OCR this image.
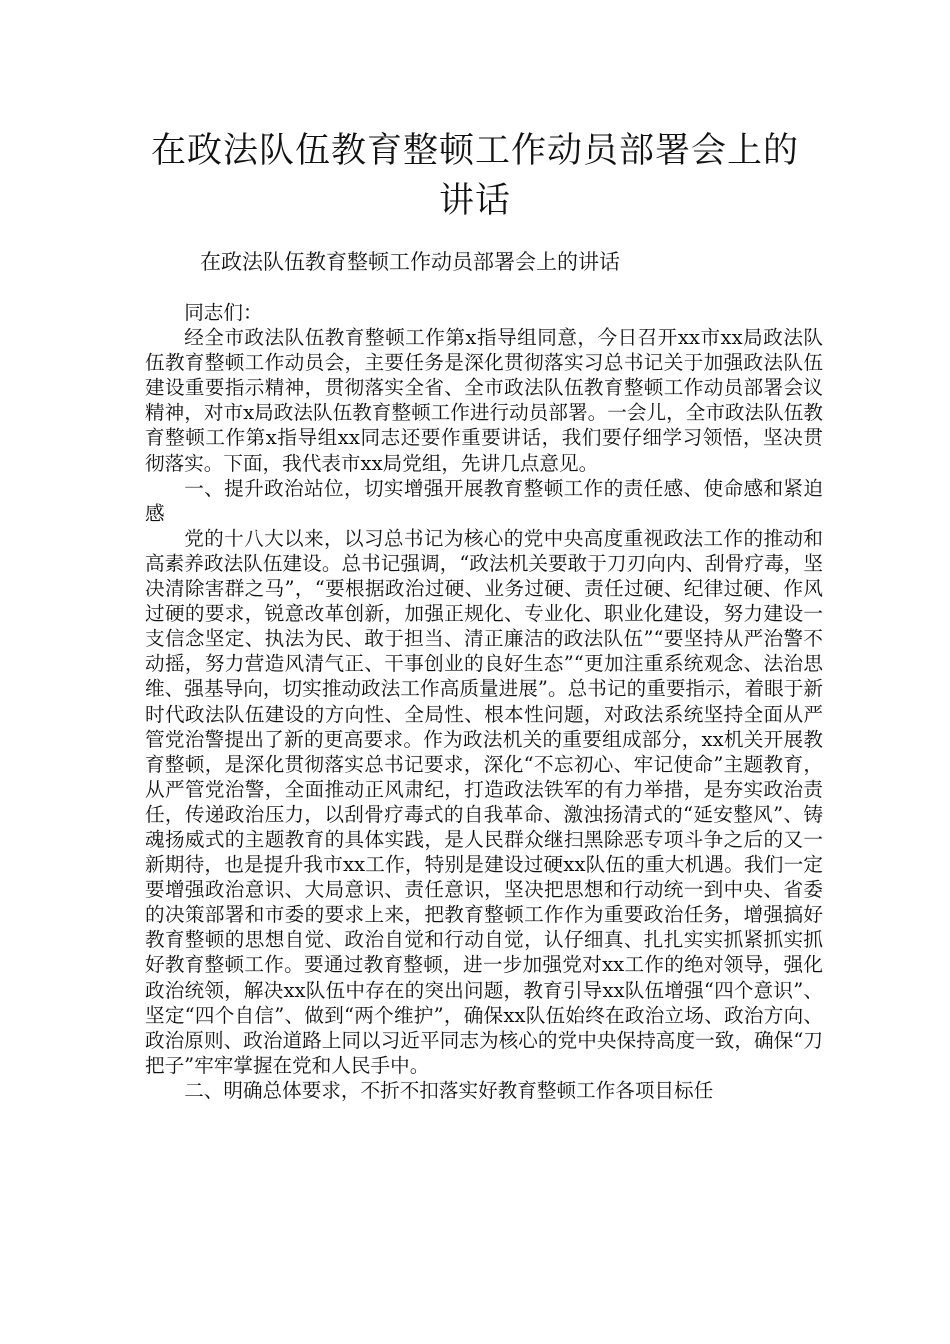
在政法队伍教育整顿工作动员部署会上的讲话
在政法队伍教育整顿工作动员部署会上的讲话

同志们：

经全市政法队伍教育整顿工作第x指导组同意，今日召开xx市xx局政法队伍教育整顿工作动员会，主要任务是深化贯彻落实习总书记关于加强政法队伍建设重要指示精神，贯彻落实全省、全市政法队伍教育整顿工作动员部署会议精神，对市x局政法队伍教育整顿工作进行动员部署。一会儿，全市政法队伍教育整顿工作第x指导组xx同志还要作重要讲话，我们要仔细学习领悟，坚决贯彻落实。下面，我代表市xx局党组，先讲几点意见。

一、提升政治站位，切实增强开展教育整顿工作的责任感、使命感和紧迫感

党的十八大以来，以习总书记为核心的党中央高度重视政法工作的推动和高素养政法队伍建设。总书记强调，“政法机关要敢于刀刃向内、刮骨疗毒，坚决清除害群之马”，“要根据政治过硬、业务过硬、责任过硬、纪律过硬、作风过硬的要求，锐意改革创新，加强正规化、专业化、职业化建设，努力建设一支信念坚定、执法为民、敢于担当、清正廉洁的政法队伍”“要坚持从严治警不动摇，努力营造风清气正、干事创业的良好生态”“更加注重系统观念、法治思维、强基导向，切实推动政法工作高质量进展”。总书记的重要指示，着眼于新时代政法队伍建设的方向性、全局性、根本性问题，对政法系统坚持全面从严管党治警提出了新的更高要求。作为政法机关的重要组成部分，xx机关开展教育整顿，是深化贯彻落实总书记要求，深化“不忘初心、牢记使命”主题教育，从严管党治警，全面推动正风肃纪，打造政法铁军的有力举措，是夯实政治责任，传递政治压力，以刮骨疗毒式的自我革命、激浊扬清式的“延安整风”、铸魂扬威式的主题教育的具体实践，是人民群众继扫黑除恶专项斗争之后的又一新期待，也是提升我市xx工作，特别是建设过硬xx队伍的重大机遇。我们一定要增强政治意识、大局意识、责任意识，坚决把思想和行动统一到中央、省委的决策部署和市委的要求上来，把教育整顿工作作为重要政治任务，增强搞好教育整顿的思想自觉、政治自觉和行动自觉，认仔细真、扎扎实实抓紧抓实抓好教育整顿工作。要通过教育整顿，进一步加强党对xx工作的绝对领导，强化政治统领，解决xx队伍中存在的突出问题，教育引导xx队伍增强“四个意识”、坚定“四个自信”、做到“两个维护”，确保xx队伍始终在政治立场、政治方向、政治原则、政治道路上同以习近平同志为核心的党中央保持高度一致，确保“刀把子”牢牢掌握在党和人民手中。

二、明确总体要求，不折不扣落实好教育整顿工作各项目标任
